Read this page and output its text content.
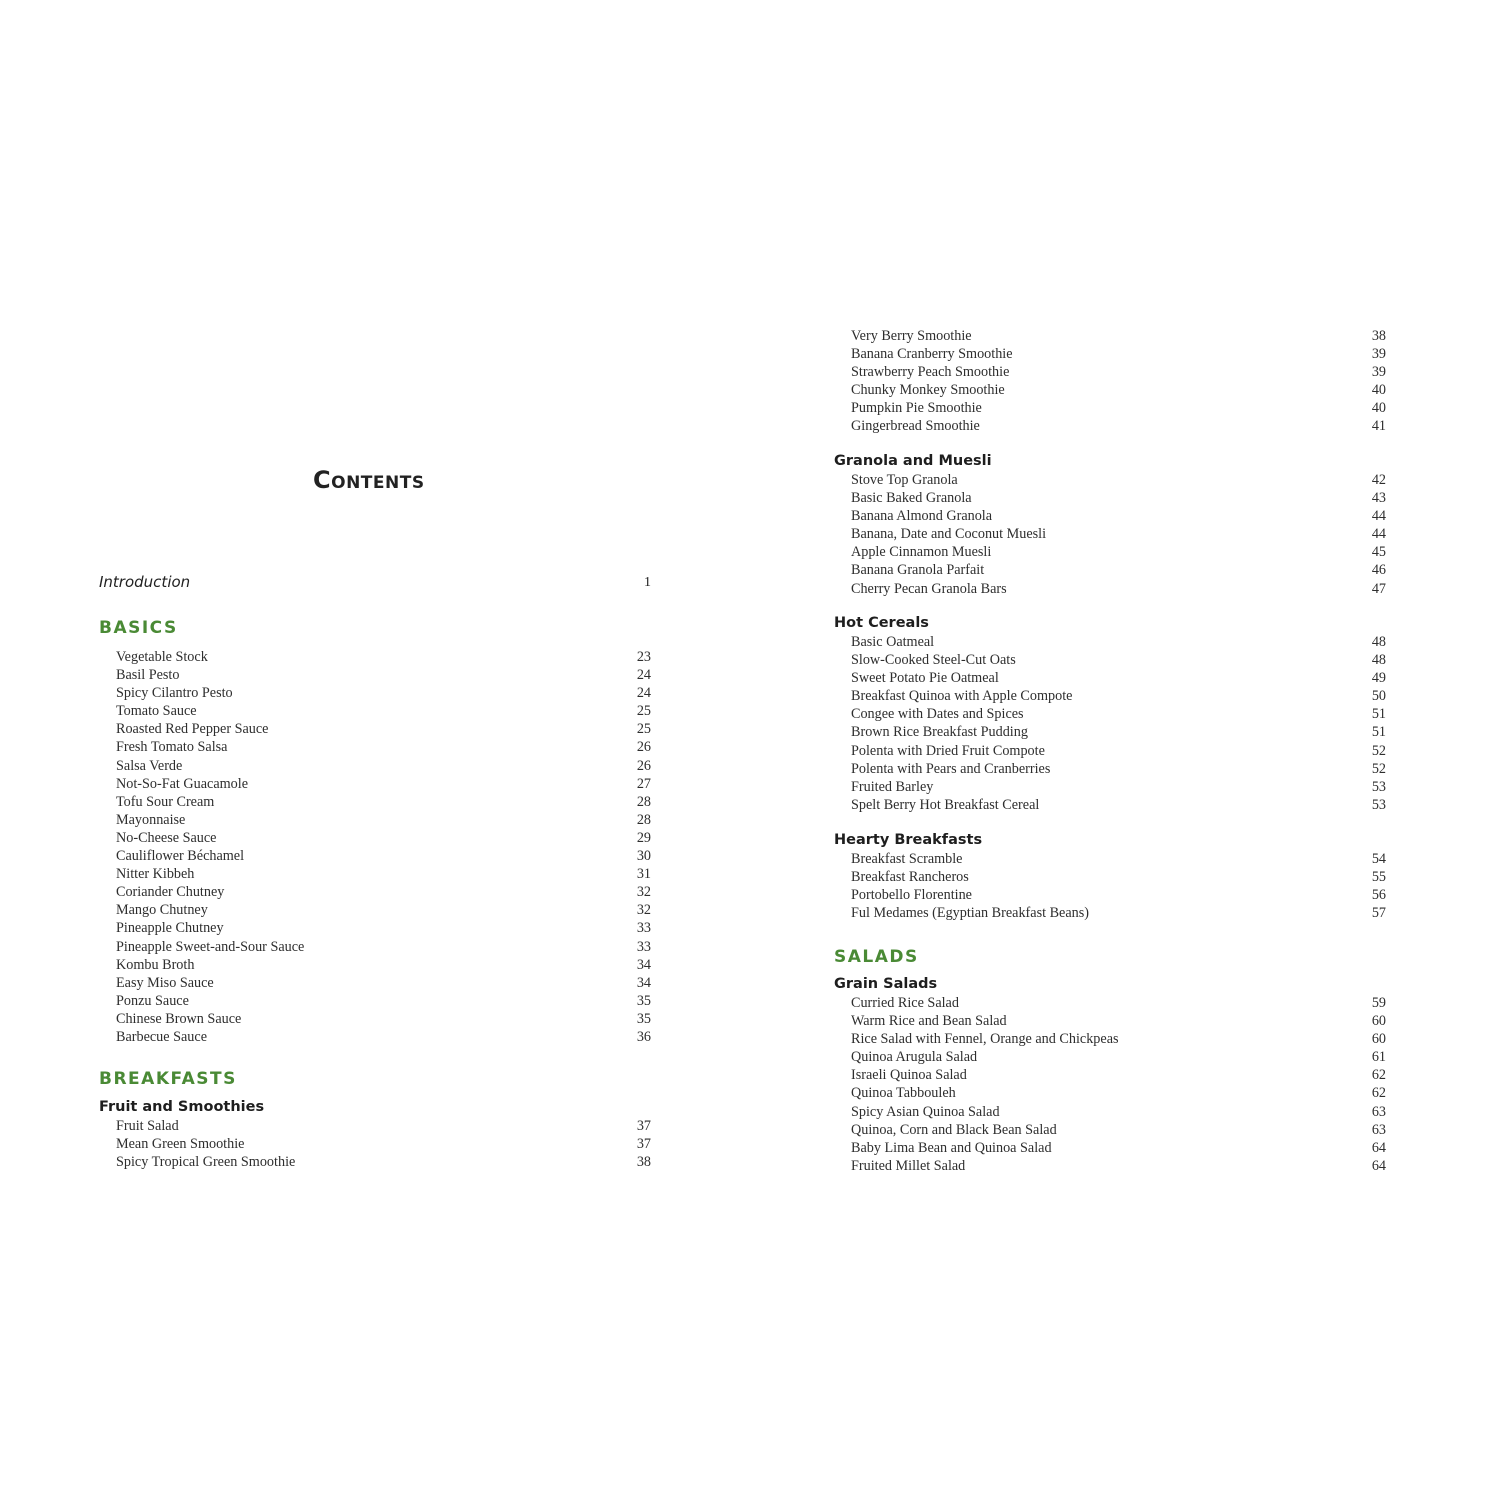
Contents
Introduction	1
BASICS
Vegetable Stock	23
Basil Pesto	24
Spicy Cilantro Pesto	24
Tomato Sauce	25
Roasted Red Pepper Sauce	25
Fresh Tomato Salsa	26
Salsa Verde	26
Not-So-Fat Guacamole	27
Tofu Sour Cream	28
Mayonnaise	28
No-Cheese Sauce	29
Cauliflower Béchamel	30
Nitter Kibbeh	31
Coriander Chutney	32
Mango Chutney	32
Pineapple Chutney	33
Pineapple Sweet-and-Sour Sauce	33
Kombu Broth	34
Easy Miso Sauce	34
Ponzu Sauce	35
Chinese Brown Sauce	35
Barbecue Sauce	36
BREAKFASTS
Fruit and Smoothies
Fruit Salad	37
Mean Green Smoothie	37
Spicy Tropical Green Smoothie	38
Very Berry Smoothie	38
Banana Cranberry Smoothie	39
Strawberry Peach Smoothie	39
Chunky Monkey Smoothie	40
Pumpkin Pie Smoothie	40
Gingerbread Smoothie	41
Granola and Muesli
Stove Top Granola	42
Basic Baked Granola	43
Banana Almond Granola	44
Banana, Date and Coconut Muesli	44
Apple Cinnamon Muesli	45
Banana Granola Parfait	46
Cherry Pecan Granola Bars	47
Hot Cereals
Basic Oatmeal	48
Slow-Cooked Steel-Cut Oats	48
Sweet Potato Pie Oatmeal	49
Breakfast Quinoa with Apple Compote	50
Congee with Dates and Spices	51
Brown Rice Breakfast Pudding	51
Polenta with Dried Fruit Compote	52
Polenta with Pears and Cranberries	52
Fruited Barley	53
Spelt Berry Hot Breakfast Cereal	53
Hearty Breakfasts
Breakfast Scramble	54
Breakfast Rancheros	55
Portobello Florentine	56
Ful Medames (Egyptian Breakfast Beans)	57
SALADS
Grain Salads
Curried Rice Salad	59
Warm Rice and Bean Salad	60
Rice Salad with Fennel, Orange and Chickpeas	60
Quinoa Arugula Salad	61
Israeli Quinoa Salad	62
Quinoa Tabbouleh	62
Spicy Asian Quinoa Salad	63
Quinoa, Corn and Black Bean Salad	63
Baby Lima Bean and Quinoa Salad	64
Fruited Millet Salad	64
